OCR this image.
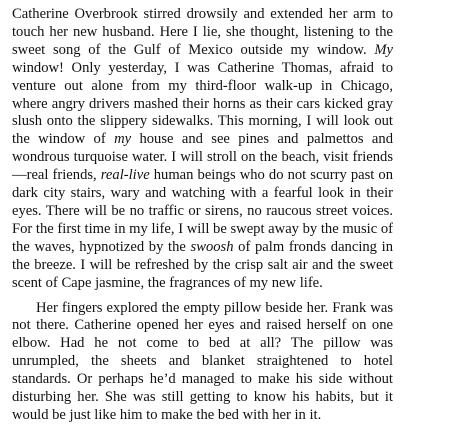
Catherine Overbrook stirred drowsily and extended her arm to touch her new husband. Here I lie, she thought, listening to the sweet song of the Gulf of Mexico outside my window. My window! Only yesterday, I was Catherine Thomas, afraid to venture out alone from my third-floor walk-up in Chicago, where angry drivers mashed their horns as their cars kicked gray slush onto the slippery sidewalks. This morning, I will look out the window of my house and see pines and palmettos and wondrous turquoise water. I will stroll on the beach, visit friends—real friends, real-live human beings who do not scurry past on dark city stairs, wary and watching with a fearful look in their eyes. There will be no traffic or sirens, no raucous street voices. For the first time in my life, I will be swept away by the music of the waves, hypnotized by the swoosh of palm fronds dancing in the breeze. I will be refreshed by the crisp salt air and the sweet scent of Cape jasmine, the fragrances of my new life.

Her fingers explored the empty pillow beside her. Frank was not there. Catherine opened her eyes and raised herself on one elbow. Had he not come to bed at all? The pillow was unrumpled, the sheets and blanket straightened to hotel standards. Or perhaps he’d managed to make his side without disturbing her. She was still getting to know his habits, but it would be just like him to make the bed with her in it.
